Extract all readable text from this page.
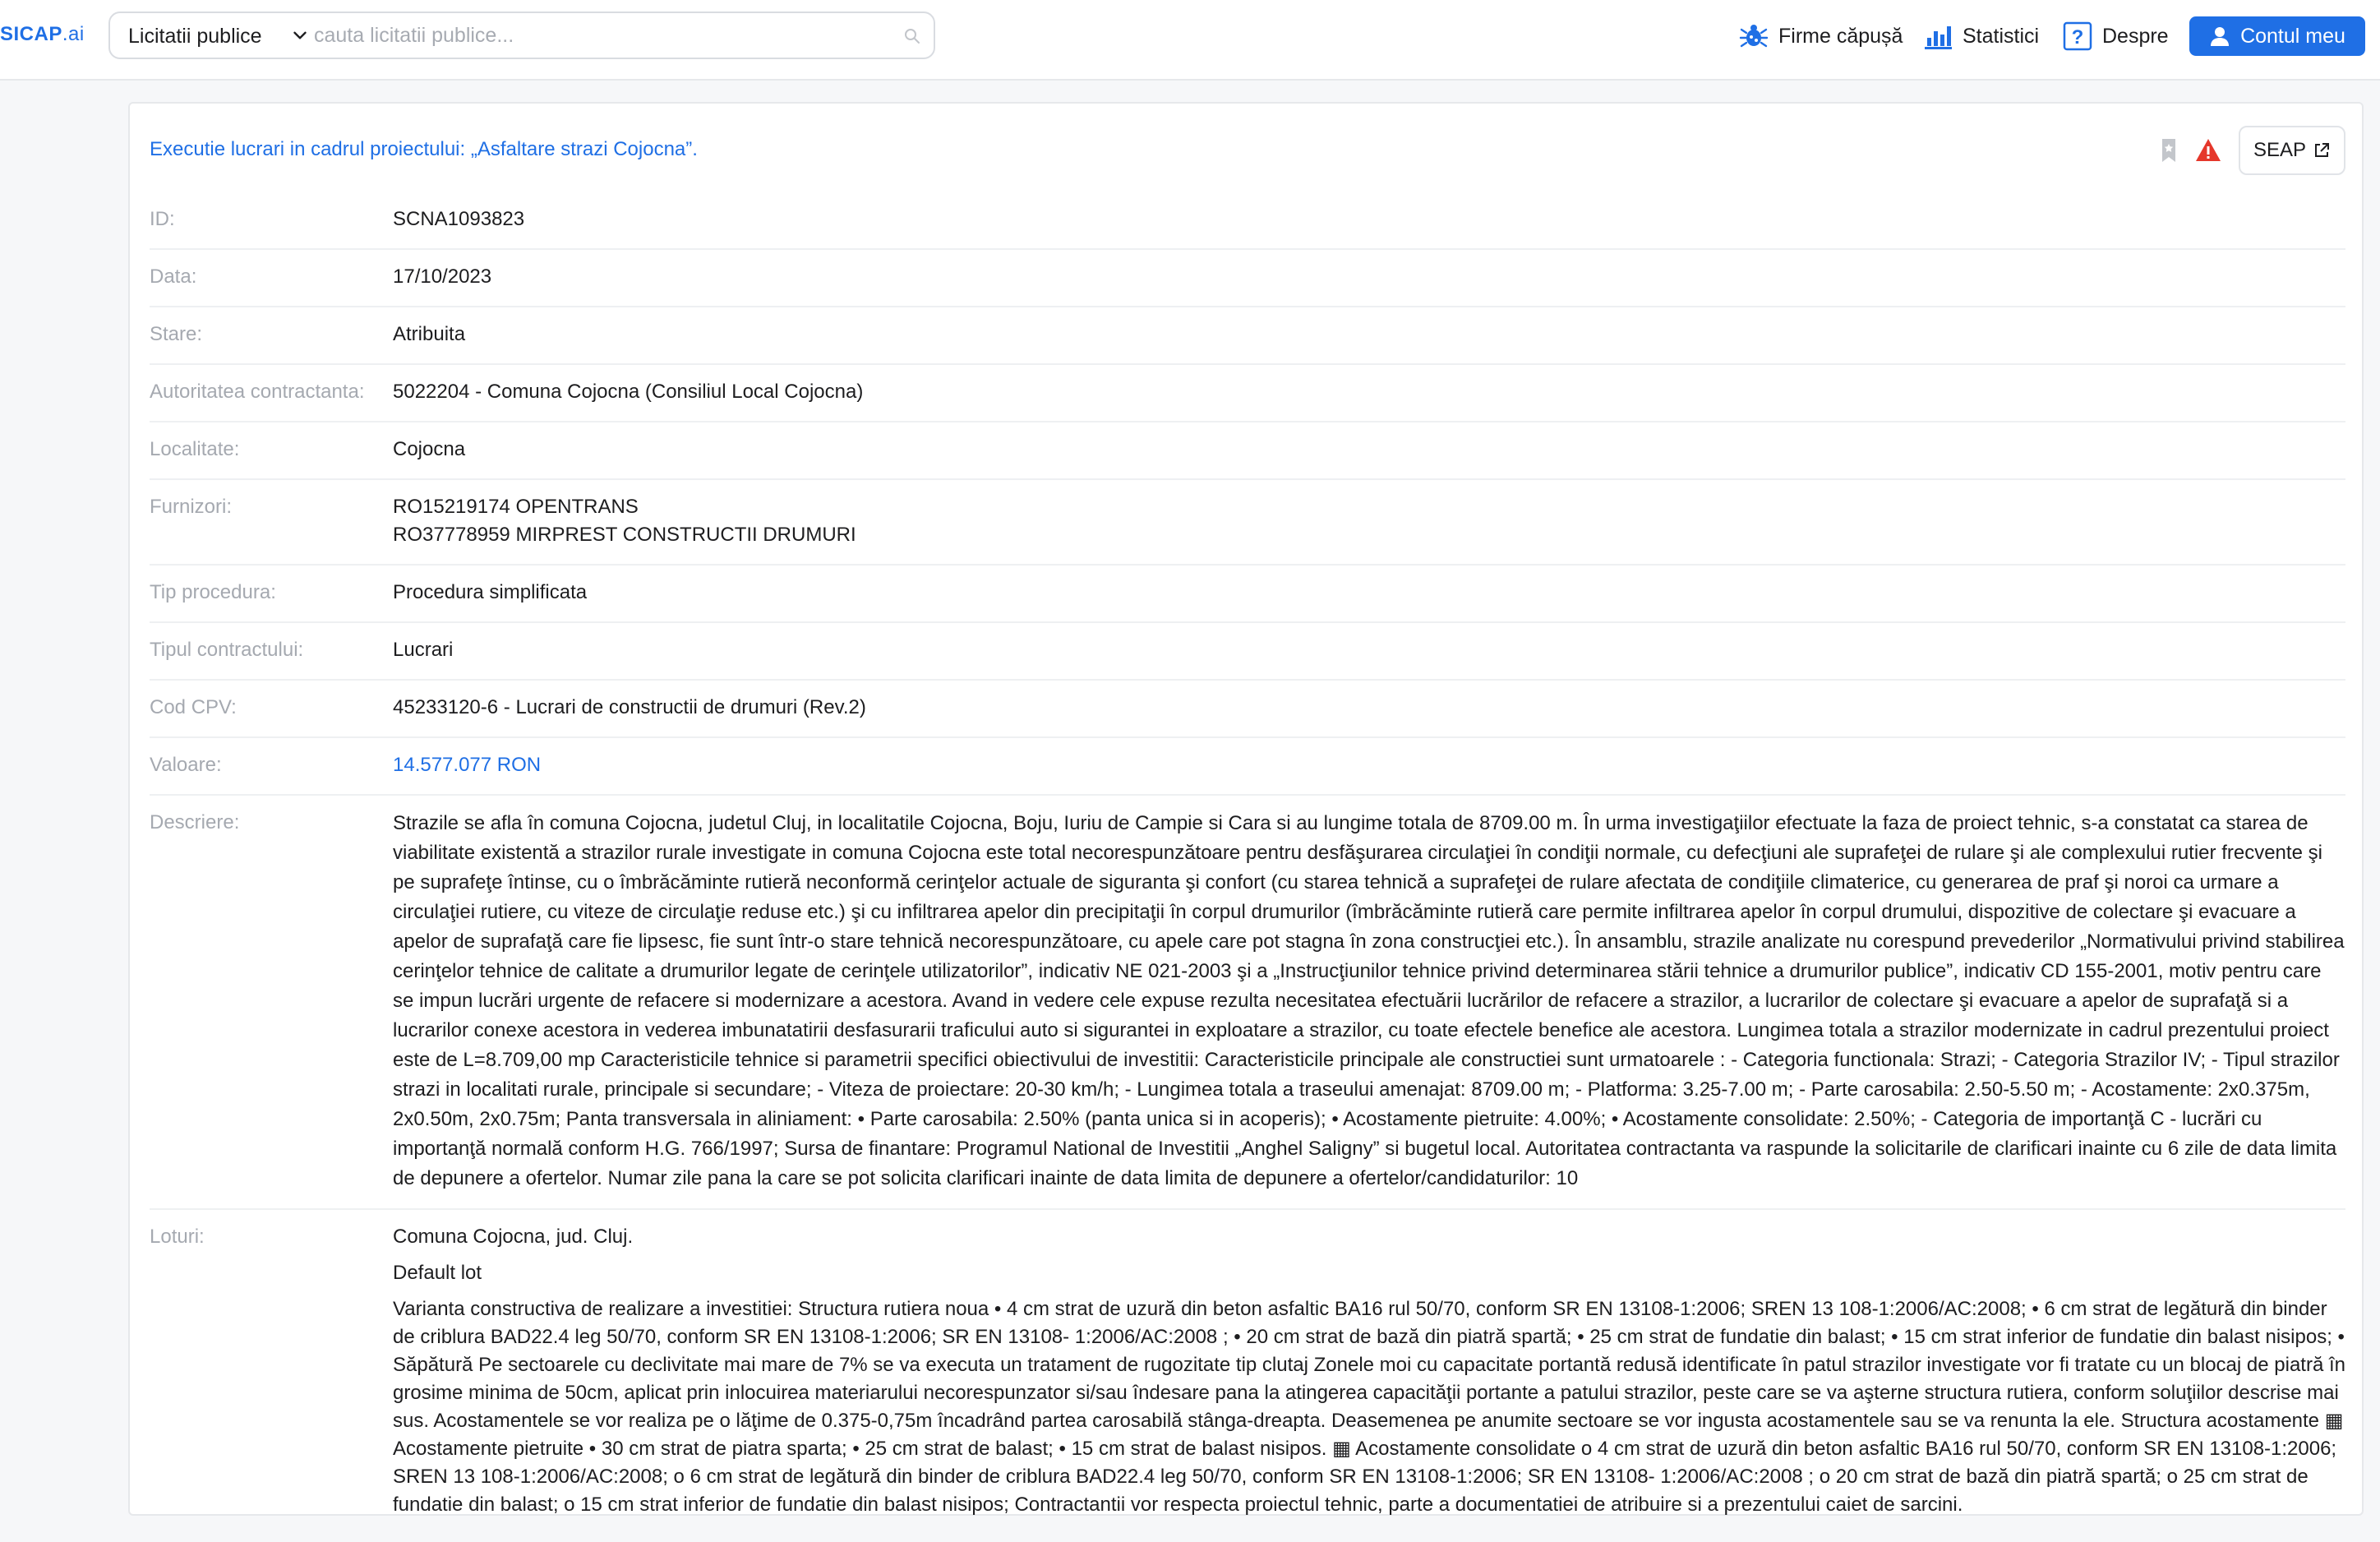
SICAP.ai Licitatii publice
cauta licitatii publice...	Firme căpușă	Statistici ? Despre	Contul meu
Executie lucrari in cadrul proiectului: „Asfaltare strazi Cojocna”.	SEAP
ID:	SCNA1093823
Data:	17/10/2023
Stare:	Atribuita
Autoritatea contractanta:	5022204 - Comuna Cojocna (Consiliul Local Cojocna)
Localitate:	Cojocna
Furnizori:	RO15219174 OPENTRANS
RO37778959 MIRPREST CONSTRUCTII DRUMURI
Tip procedura:	Procedura simplificata
Tipul contractului:	Lucrari
Cod CPV:	45233120-6 - Lucrari de constructii de drumuri (Rev.2)
Valoare:	14.577.077 RON
Descriere:	Strazile se afla în comuna Cojocna, judetul Cluj, in localitatile Cojocna, Boju, Iuriu de Campie si Cara si au lungime totala de 8709.00 m. În urma investigaţiilor efectuate la faza de proiect tehnic, s-a constatat ca starea de viabilitate existentă a strazilor rurale investigate in comuna Cojocna este total necorespunzătoare pentru desfăşurarea circulaţiei în condiţii normale, cu defecţiuni ale suprafeţei de rulare şi ale complexului rutier frecvente şi pe suprafeţe întinse, cu o îmbrăcăminte rutieră neconformă cerinţelor actuale de siguranta şi confort (cu starea tehnică a suprafeţei de rulare afectata de condiţiile climaterice, cu generarea de praf şi noroi ca urmare a circulaţiei rutiere, cu viteze de circulaţie reduse etc.) şi cu infiltrarea apelor din precipitaţii în corpul drumurilor (îmbrăcăminte rutieră care permite infiltrarea apelor în corpul drumului, dispozitive de colectare şi evacuare a apelor de suprafaţă care fie lipsesc, fie sunt într-o stare tehnică necorespunzătoare, cu apele care pot stagna în zona construcţiei etc.). În ansamblu, strazile analizate nu corespund prevederilor „Normativului privind stabilirea cerinţelor tehnice de calitate a drumurilor legate de cerinţele utilizatorilor”, indicativ NE 021-2003 şi a „Instrucţiunilor tehnice privind determinarea stării tehnice a drumurilor publice”, indicativ CD 155-2001, motiv pentru care se impun lucrări urgente de refacere si modernizare a acestora. Avand in vedere cele expuse rezulta necesitatea efectuării lucrărilor de refacere a strazilor, a lucrarilor de colectare şi evacuare a apelor de suprafaţă si a lucrarilor conexe acestora in vederea imbunatatirii desfasurarii traficului auto si sigurantei in exploatare a strazilor, cu toate efectele benefice ale acestora. Lungimea totala a strazilor modernizate in cadrul prezentului proiect este de L=8.709,00 mp Caracteristicile tehnice si parametrii specifici obiectivului de investitii: Caracteristicile principale ale constructiei sunt urmatoarele : - Categoria functionala: Strazi; - Categoria Strazilor IV; - Tipul strazilor strazi in localitati rurale, principale si secundare; - Viteza de proiectare: 20-30 km/h; - Lungimea totala a traseului amenajat: 8709.00 m; - Platforma: 3.25-7.00 m; - Parte carosabila: 2.50-5.50 m; - Acostamente: 2x0.375m, 2x0.50m, 2x0.75m; Panta transversala in aliniament: • Parte carosabila: 2.50% (panta unica si in acoperis); • Acostamente pietruite: 4.00%; • Acostamente consolidate: 2.50%; - Categoria de importanţă C - lucrări cu importanţă normală conform H.G. 766/1997; Sursa de finantare: Programul National de Investitii „Anghel Saligny” si bugetul local. Autoritatea contractanta va raspunde la solicitarile de clarificari inainte cu 6 zile de data limita de depunere a ofertelor. Numar zile pana la care se pot solicita clarificari inainte de data limita de depunere a ofertelor/candidaturilor: 10
Loturi:	Comuna Cojocna, jud. Cluj.

Default lot

Varianta constructiva de realizare a investitiei: Structura rutiera noua • 4 cm strat de uzură din beton asfaltic BA16 rul 50/70, conform SR EN 13108-1:2006; SREN 13 108-1:2006/AC:2008; • 6 cm strat de legătură din binder de criblura BAD22.4 leg 50/70, conform SR EN 13108-1:2006; SR EN 13108- 1:2006/AC:2008 ; • 20 cm strat de bază din piatră spartă; • 25 cm strat de fundatie din balast; • 15 cm strat inferior de fundatie din balast nisipos; • Săpătură Pe sectoarele cu declivitate mai mare de 7% se va executa un tratament de rugozitate tip clutaj Zonele moi cu capacitate portantă redusă identificate în patul strazilor investigate vor fi tratate cu un blocaj de piatră în grosime minima de 50cm, aplicat prin inlocuirea materiarului necorespunzator si/sau îndesare pana la atingerea capacităţii portante a patului strazilor, peste care se va aşterne structura rutiera, conform soluţiilor descrise mai sus. Acostamentele se vor realiza pe o lăţime de 0.375-0,75m încadrând partea carosabilă stânga-dreapta. Deasemenea pe anumite sectoare se vor ingusta acostamentele sau se va renunta la ele. Structura acostamente ▦ Acostamente pietruite • 30 cm strat de piatra sparta; • 25 cm strat de balast; • 15 cm strat de balast nisipos. ▦ Acostamente consolidate o 4 cm strat de uzură din beton asfaltic BA16 rul 50/70, conform SR EN 13108-1:2006; SREN 13 108-1:2006/AC:2008; o 6 cm strat de legătură din binder de criblura BAD22.4 leg 50/70, conform SR EN 13108-1:2006; SR EN 13108- 1:2006/AC:2008 ; o 20 cm strat de bază din piatră spartă; o 25 cm strat de fundatie din balast; o 15 cm strat inferior de fundatie din balast nisipos; Contractantii vor respecta proiectul tehnic, parte a documentatiei de atribuire si a prezentului caiet de sarcini.
